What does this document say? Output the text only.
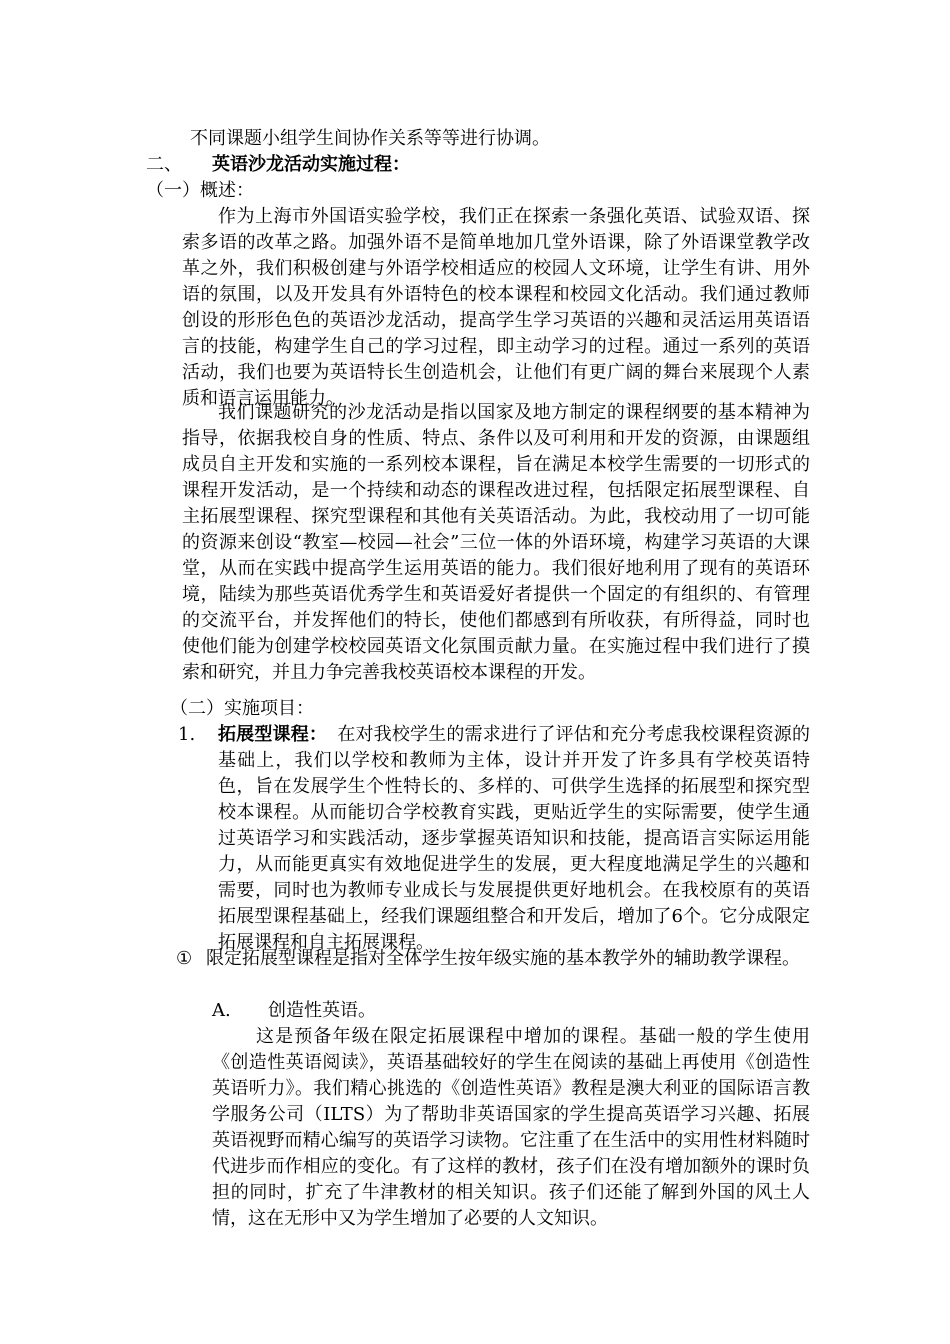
不同课题小组学生间协作关系等等进行协调。
二、 英语沙龙活动实施过程：
（一）概述：
作为上海市外国语实验学校，我们正在探索一条强化英语、试验双语、探索多语的改革之路。加强外语不是简单地加几堂外语课，除了外语课堂教学改革之外，我们积极创建与外语学校相适应的校园人文环境，让学生有讲、用外语的氛围，以及开发具有外语特色的校本课程和校园文化活动。我们通过教师创设的形形色色的英语沙龙活动，提高学生学习英语的兴趣和灵活运用英语语言的技能，构建学生自己的学习过程，即主动学习的过程。通过一系列的英语活动，我们也要为英语特长生创造机会，让他们有更广阔的舞台来展现个人素质和语言运用能力。
我们课题研究的沙龙活动是指以国家及地方制定的课程纲要的基本精神为指导，依据我校自身的性质、特点、条件以及可利用和开发的资源，由课题组成员自主开发和实施的一系列校本课程，旨在满足本校学生需要的一切形式的课程开发活动，是一个持续和动态的课程改进过程，包括限定拓展型课程、自主拓展型课程、探究型课程和其他有关英语活动。为此，我校动用了一切可能的资源来创设“教室—校园—社会”三位一体的外语环境，构建学习英语的大课堂，从而在实践中提高学生运用英语的能力。我们很好地利用了现有的英语环境，陆续为那些英语优秀学生和英语爱好者提供一个固定的有组织的、有管理的交流平台，并发挥他们的特长，使他们都感到有所收获，有所得益，同时也使他们能为创建学校校园英语文化氛围贡献力量。在实施过程中我们进行了摸索和研究，并且力争完善我校英语校本课程的开发。
（二）实施项目：
1. 拓展型课程： 在对我校学生的需求进行了评估和充分考虑我校课程资源的基础上，我们以学校和教师为主体，设计并开发了许多具有学校英语特色，旨在发展学生个性特长的、多样的、可供学生选择的拓展型和探究型校本课程。从而能切合学校教育实践，更贴近学生的实际需要，使学生通过英语学习和实践活动，逐步掌握英语知识和技能，提高语言实际运用能力，从而能更真实有效地促进学生的发展，更大程度地满足学生的兴趣和需要，同时也为教师专业成长与发展提供更好地机会。在我校原有的英语拓展型课程基础上，经我们课题组整合和开发后，增加了6个。它分成限定拓展课程和自主拓展课程。
① 限定拓展型课程是指对全体学生按年级实施的基本教学外的辅助教学课程。
A. 创造性英语。
这是预备年级在限定拓展课程中增加的课程。基础一般的学生使用《创造性英语阅读》，英语基础较好的学生在阅读的基础上再使用《创造性英语听力》。我们精心挑选的《创造性英语》教程是澳大利亚的国际语言教学服务公司（ILTS）为了帮助非英语国家的学生提高英语学习兴趣、拓展英语视野而精心编写的英语学习读物。它注重了在生活中的实用性材料随时代进步而作相应的变化。有了这样的教材，孩子们在没有增加额外的课时负担的同时，扩充了牛津教材的相关知识。孩子们还能了解到外国的风土人情，这在无形中又为学生增加了必要的人文知识。
